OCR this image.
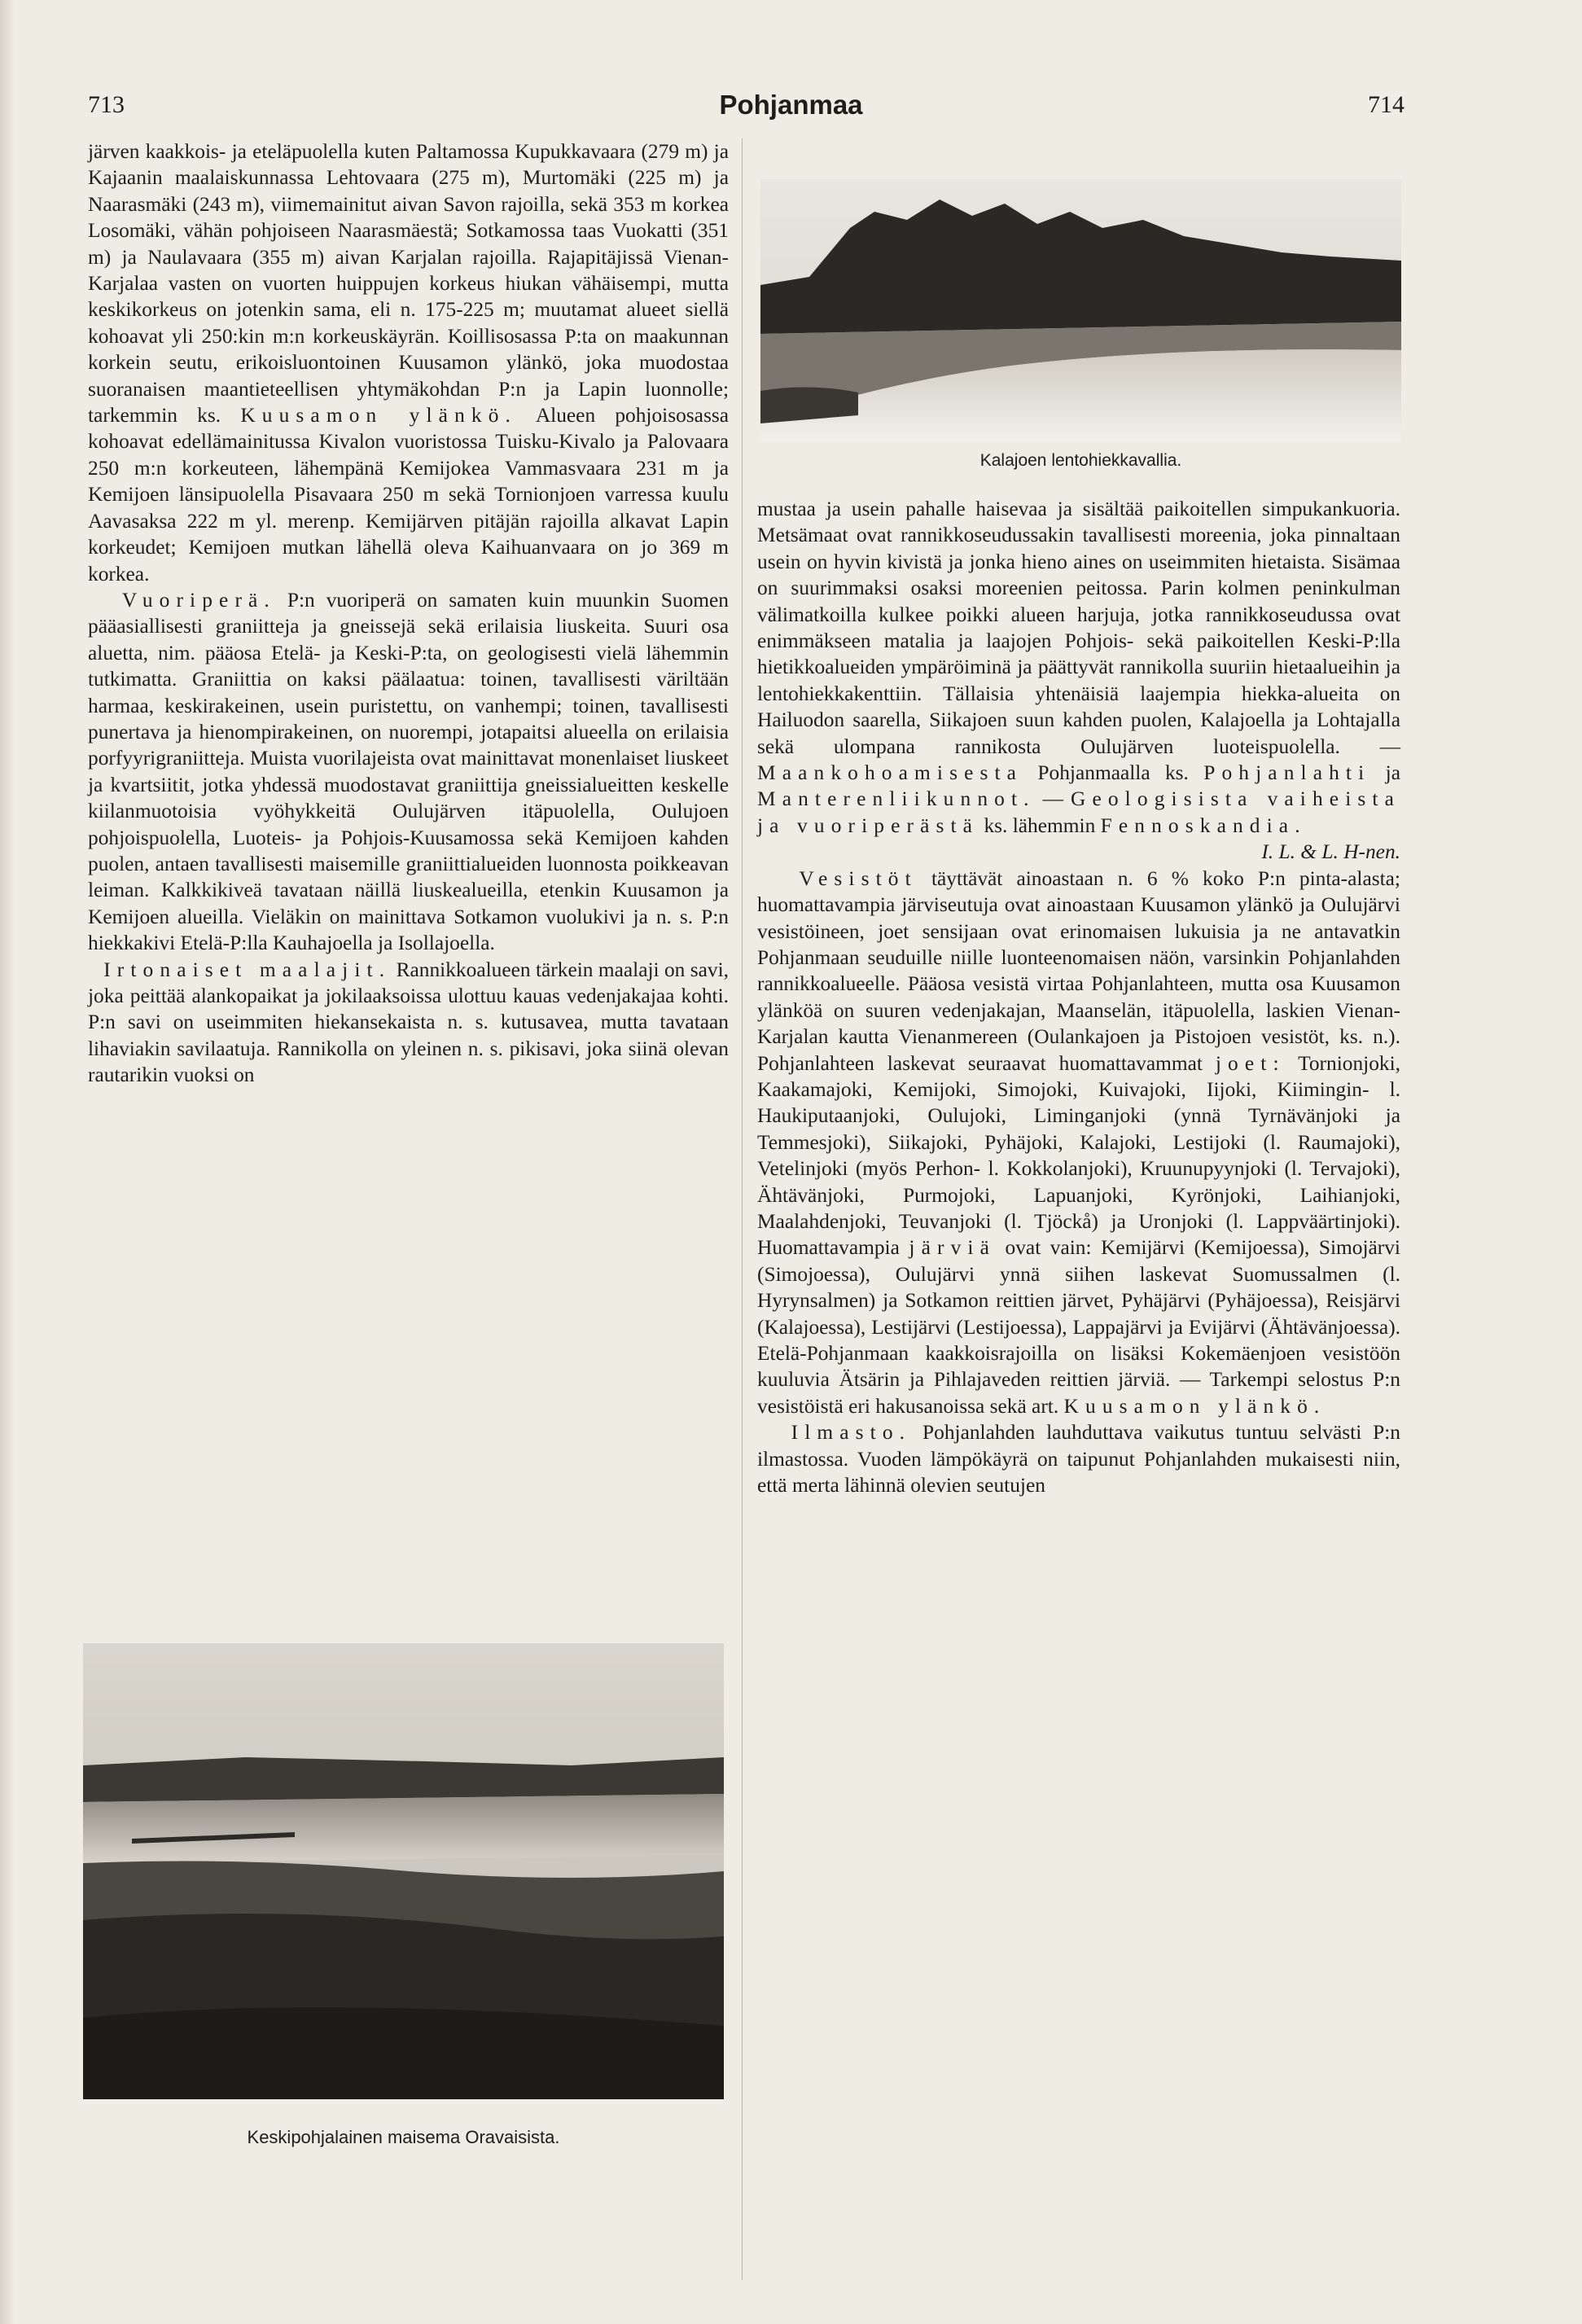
713	Pohjanmaa	714

järven kaakkois- ja eteläpuolella kuten Paltamossa Kupukkavaara (279 m) ja Kajaanin maalaiskunnassa Lehtovaara (275 m), Murtomäki (225 m) ja Naarasmäki (243 m), viimemainitut aivan Savon rajoilla, sekä 353 m korkea Losomäki, vähän pohjoiseen Naarasmäestä; Sotkamossa taas Vuokatti (351 m) ja Naulavaara (355 m) aivan Karjalan rajoilla. Rajapitäjissä Vienan-Karjalaa vasten on vuorten huippujen korkeus hiukan vähäisempi, mutta keskikorkeus on jotenkin sama, eli n. 175-225 m; muutamat alueet siellä kohoavat yli 250:kin m:n korkeuskäyrän. Koillisosassa P:ta on maakunnan korkein seutu, erikoisluontoinen Kuusamon ylänkö, joka muodostaa suoranaisen maantieteellisen yhtymäkohdan P:n ja Lapin luonnolle; tarkemmin ks. Kuusamon ylänkö. Alueen pohjoisosassa kohoavat edellämainitussa Kivalon vuoristossa Tuisku-Kivalo ja Palovaara 250 m:n korkeuteen, lähempänä Kemijokea Vammasvaara 231 m ja Kemijoen länsipuolella Pisavaara 250 m sekä Tornionjoen varressa kuulu Aavasaksa 222 m yl. merenp. Kemijärven pitäjän rajoilla alkavat Lapin korkeudet; Kemijoen mutkan lähellä oleva Kaihuanvaara on jo 369 m korkea.

Vuoriperä. P:n vuoriperä on samaten kuin muunkin Suomen pääasiallisesti graniitteja ja gneissejä sekä erilaisia liuskeita. Suuri osa aluetta, nim. pääosa Etelä- ja Keski-P:ta, on geologisesti vielä lähemmin tutkimatta. Graniittia on kaksi päälaatua: toinen, tavallisesti väriltään harmaa, keskirakeinen, usein puristettu, on vanhempi; toinen, tavallisesti punertava ja hienompirakeinen, on nuorempi, jotapaitsi alueella on erilaisia porfyyrigraniitteja. Muista vuorilajeista ovat mainittavat monenlaiset liuskeet ja kvartsiitit, jotka yhdessä muodostavat graniittija gneissialueitten keskelle kiilanmuotoisia vyöhykkeitä Oulujärven itäpuolella, Oulujoen pohjoispuolella, Luoteis- ja Pohjois-Kuusamossa sekä Kemijoen kahden puolen, antaen tavallisesti maisemille graniittialueiden luonnosta poikkeavan leiman. Kalkkikiveä tavataan näillä liuskealueilla, etenkin Kuusamon ja Kemijoen alueilla. Vieläkin on mainittava Sotkamon vuolukivi ja n. s. P:n hiekkakivi Etelä-P:lla Kauhajoella ja Isollajoella.

Irtonaiset maalajit. Rannikkoalueen tärkein maalaji on savi, joka peittää alankopaikat ja jokilaaksoissa ulottuu kauas vedenjakajaa kohti. P:n savi on useimmiten hiekansekaista n. s. kutusavea, mutta tavataan lihaviakin savilaatuja. Rannikolla on yleinen n. s. pikisavi, joka siinä olevan rautarikin vuoksi on

Kalajoen lentohiekkavallia.

mustaa ja usein pahalle haisevaa ja sisältää paikoitellen simpukankuoria. Metsämaat ovat rannikkoseudussakin tavallisesti moreenia, joka pinnaltaan usein on hyvin kivistä ja jonka hieno aines on useimmiten hietaista. Sisämaa on suurimmaksi osaksi moreenien peitossa. Parin kolmen peninkulman välimatkoilla kulkee poikki alueen harjuja, jotka rannikkoseudussa ovat enimmäkseen matalia ja laajojen Pohjois- sekä paikoitellen Keski-P:lla hietikkoalueiden ympäröiminä ja päättyvät rannikolla suuriin hietaalueihin ja lentohiekkakenttiin. Tällaisia yhtenäisiä laajempia hiekka-alueita on Hailuodon saarella, Siikajoen suun kahden puolen, Kalajoella ja Lohtajalla sekä ulompana rannikosta Oulujärven luoteispuolella. — Maankohoamisesta Pohjanmaalla ks. Pohjanlahti ja Manterenliikunnot. — Geologisista vaiheista ja vuoriperästä ks. lähemmin Fennoskandia.

I. L. & L. H-nen.

Vesistöt täyttävät ainoastaan n. 6 % koko P:n pinta-alasta; huomattavampia järviseutuja ovat ainoastaan Kuusamon ylänkö ja Oulujärvi vesistöineen, joet sensijaan ovat erinomaisen lukuisia ja ne antavatkin Pohjanmaan seuduille niille luonteenomaisen näön, varsinkin Pohjanlahden rannikkoalueelle. Pääosa vesistä virtaa Pohjanlahteen, mutta osa Kuusamon ylänköä on suuren vedenjakajan, Maanselän, itäpuolella, laskien Vienan-Karjalan kautta Vienanmereen (Oulankajoen ja Pistojoen vesistöt, ks. n.). Pohjanlahteen laskevat seuraavat huomattavammat joet: Tornionjoki, Kaakamajoki, Kemijoki, Simojoki, Kuivajoki, Iijoki, Kiimingin- l. Haukiputaanjoki, Oulujoki, Liminganjoki (ynnä Tyrnävänjoki ja Temmesjoki), Siikajoki, Pyhäjoki, Kalajoki, Lestijoki (l. Raumajoki), Vetelinjoki (myös Perhon- l. Kokkolanjoki), Kruunupyynjoki (l. Tervajoki), Ähtävänjoki, Purmojoki, Lapuanjoki, Kyrönjoki, Laihianjoki, Maalahdenjoki, Teuvanjoki (l. Tjöckå) ja Uronjoki (l. Lappväärtinjoki). Huomattavampia järviä ovat vain: Kemijärvi (Kemijoessa), Simojärvi (Simojoessa), Oulujärvi ynnä siihen laskevat Suomussalmen (l. Hyrynsalmen) ja Sotkamon reittien järvet, Pyhäjärvi (Pyhäjoessa), Reisjärvi (Kalajoessa), Lestijärvi (Lestijoessa), Lappajärvi ja Evijärvi (Ähtävänjoessa). Etelä-Pohjanmaan kaakkoisrajoilla on lisäksi Kokemäenjoen vesistöön kuuluvia Ätsärin ja Pihlajaveden reittien järviä. — Tarkempi selostus P:n vesistöistä eri hakusanoissa sekä art. Kuusamon ylänkö.

Ilmasto. Pohjanlahden lauhduttava vaikutus tuntuu selvästi P:n ilmastossa. Vuoden lämpökäyrä on taipunut Pohjanlahden mukaisesti niin, että merta lähinnä olevien seutujen

Keskipohjalainen maisema Oravaisista.
